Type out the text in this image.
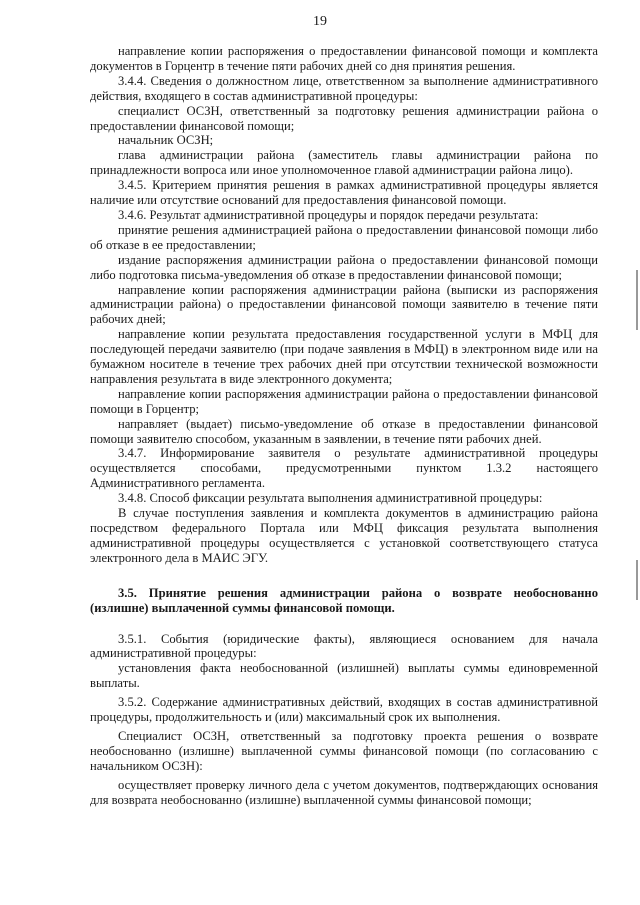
19

направление копии распоряжения о предоставлении финансовой помощи и комплекта документов в Горцентр в течение пяти рабочих дней со дня принятия решения.

3.4.4. Сведения о должностном лице, ответственном за выполнение административного действия, входящего в состав административной процедуры:

специалист ОСЗН, ответственный за подготовку решения администрации района о предоставлении финансовой помощи;

начальник ОСЗН;

глава администрации района (заместитель главы администрации района по принадлежности вопроса или иное уполномоченное главой администрации района лицо).

3.4.5. Критерием принятия решения в рамках административной процедуры является наличие или отсутствие оснований для предоставления финансовой помощи.

3.4.6. Результат административной процедуры и порядок передачи результата:

принятие решения администрацией района о предоставлении финансовой помощи либо об отказе в ее предоставлении;

издание распоряжения администрации района о предоставлении финансовой помощи либо подготовка письма-уведомления об отказе в предоставлении финансовой помощи;

направление копии распоряжения администрации района (выписки из распоряжения администрации района) о предоставлении финансовой помощи заявителю в течение пяти рабочих дней;

направление копии результата предоставления государственной услуги в МФЦ для последующей передачи заявителю (при подаче заявления в МФЦ) в электронном виде или на бумажном носителе в течение трех рабочих дней при отсутствии технической возможности направления результата в виде электронного документа;

направление копии распоряжения администрации района о предоставлении финансовой помощи в Горцентр;

направляет (выдает) письмо-уведомление об отказе в предоставлении финансовой помощи заявителю способом, указанным в заявлении, в течение пяти рабочих дней.

3.4.7. Информирование заявителя о результате административной процедуры осуществляется способами, предусмотренными пунктом 1.3.2 настоящего Административного регламента.

3.4.8. Способ фиксации результата выполнения административной процедуры:

В случае поступления заявления и комплекта документов в администрацию района посредством федерального Портала или МФЦ фиксация результата выполнения административной процедуры осуществляется с установкой соответствующего статуса электронного дела в МАИС ЭГУ.

3.5. Принятие решения администрации района о возврате необоснованно (излишне) выплаченной суммы финансовой помощи.

3.5.1. События (юридические факты), являющиеся основанием для начала административной процедуры:

установления факта необоснованной (излишней) выплаты суммы единовременной выплаты.

3.5.2. Содержание административных действий, входящих в состав административной процедуры, продолжительность и (или) максимальный срок их выполнения.

Специалист ОСЗН, ответственный за подготовку проекта решения о возврате необоснованно (излишне) выплаченной суммы финансовой помощи (по согласованию с начальником ОСЗН):

осуществляет проверку личного дела с учетом документов, подтверждающих основания для возврата необоснованно (излишне) выплаченной суммы финансовой помощи;
